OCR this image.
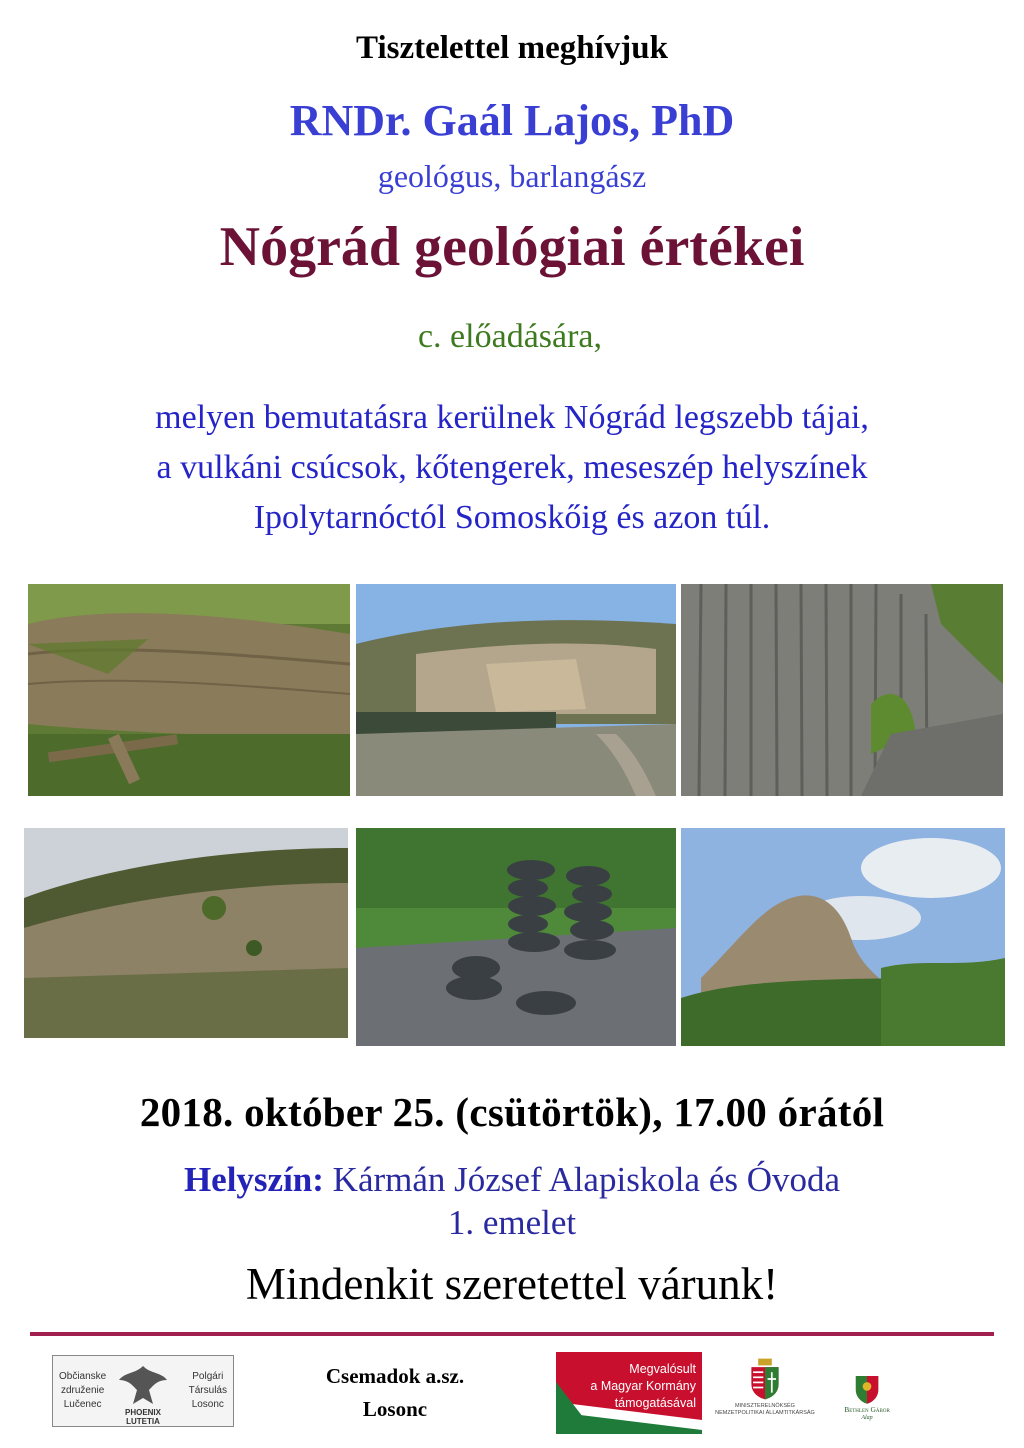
Tisztelettel meghívjuk
RNDr. Gaál Lajos, PhD
geológus, barlangász
Nógrád geológiai értékei
c. előadására,
melyen bemutatásra kerülnek Nógrád legszebb tájai,
a vulkáni csúcsok, kőtengerek, meseszép helyszínek
Ipolytarnóctól Somoskőig és azon túl.
2018. október 25. (csütörtök), 17.00 órától
Helyszín: Kármán József Alapiskola és Óvoda
1. emelet
Mindenkit szeretettel várunk!
Občianske
združenie
Lučenec
PHOENIX
LUTETIA
Polgári
Társulás
Losonc
Csemadok a.sz.
Losonc
Megvalósult
a Magyar Kormány
támogatásával	MINISZTERELNÖKSÉG
NEMZETPOLITIKAI ÁLLAMTITKÁRSÁG	Bethlen Gábor
Alap
